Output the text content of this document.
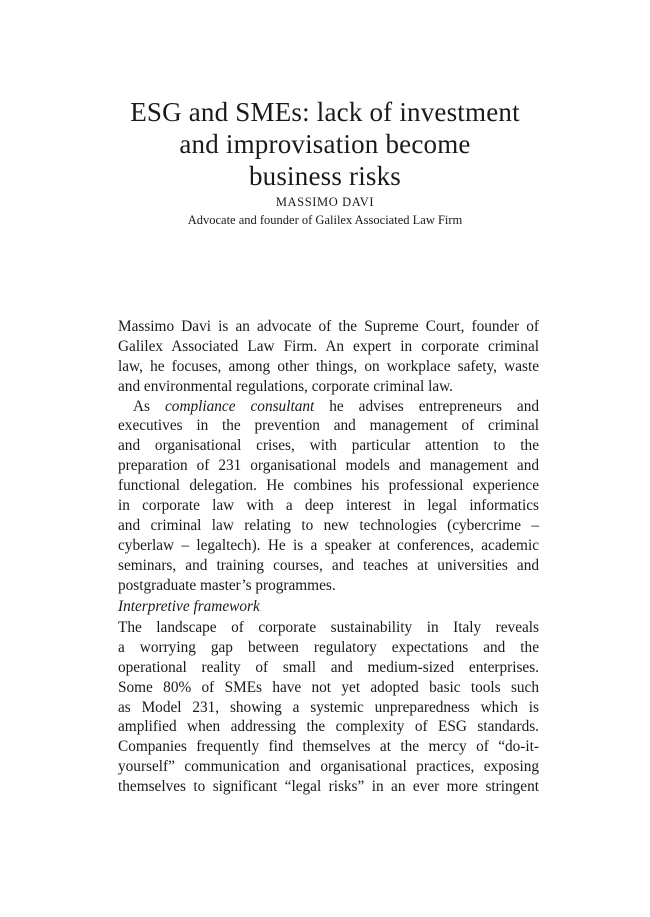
ESG and SMEs: lack of investment
and improvisation become
business risks

MASSIMO DAVI

Advocate and founder of Galilex Associated Law Firm

Massimo Davi is an advocate of the Supreme Court, founder of
Galilex Associated Law Firm. An expert in corporate criminal
law, he focuses, among other things, on workplace safety, waste
and environmental regulations, corporate criminal law.
As compliance consultant he advises entrepreneurs and
executives in the prevention and management of criminal
and organisational crises, with particular attention to the
preparation of 231 organisational models and management and
functional delegation. He combines his professional experience
in corporate law with a deep interest in legal informatics
and criminal law relating to new technologies (cybercrime –
cyberlaw – legaltech). He is a speaker at conferences, academic
seminars, and training courses, and teaches at universities and
postgraduate master’s programmes.
Interpretive framework
The landscape of corporate sustainability in Italy reveals
a worrying gap between regulatory expectations and the
operational reality of small and medium-sized enterprises.
Some 80% of SMEs have not yet adopted basic tools such
as Model 231, showing a systemic unpreparedness which is
amplified when addressing the complexity of ESG standards.
Companies frequently find themselves at the mercy of “do-it-
yourself” communication and organisational practices, exposing
themselves to significant “legal risks” in an ever more stringent
